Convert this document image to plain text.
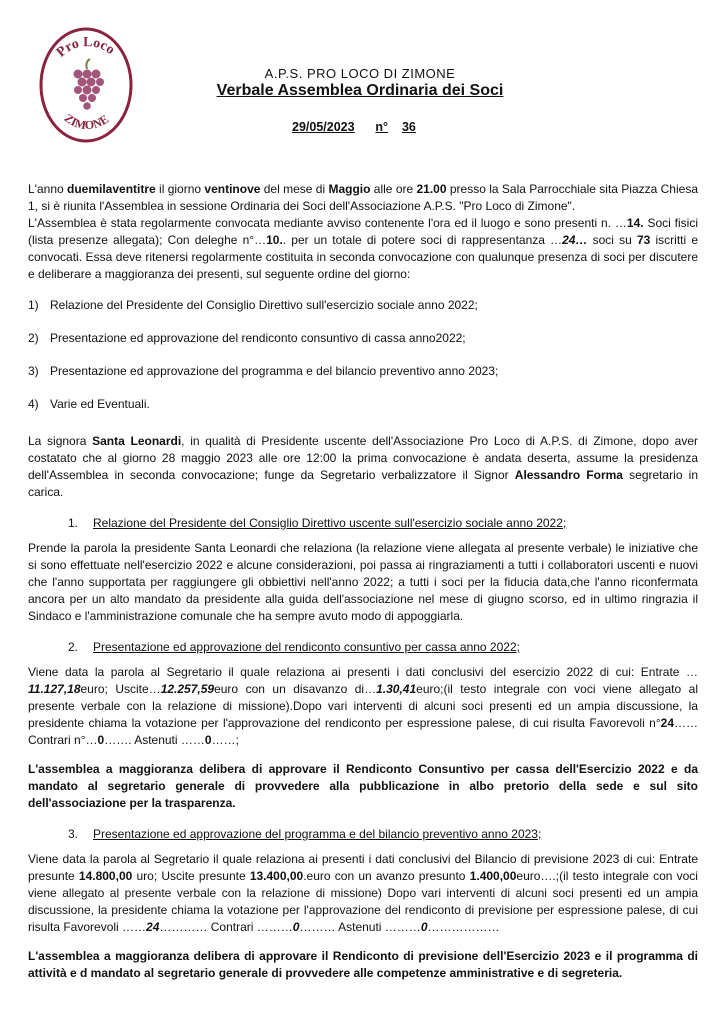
Pro Loco
ZIMONE
A.P.S. PRO LOCO DI ZIMONE
Verbale Assemblea Ordinaria dei Soci
29/05/2023 n° 36

L'anno duemilaventitre il giorno ventinove del mese di Maggio alle ore 21.00 presso la Sala Parrocchiale sita Piazza Chiesa 1, si è riunita l'Assemblea in sessione Ordinaria dei Soci dell'Associazione A.P.S. "Pro Loco di Zimone".
L'Assemblea è stata regolarmente convocata mediante avviso contenente l'ora ed il luogo e sono presenti n. …14. Soci fisici (lista presenze allegata); Con deleghe n°…10.. per un totale di potere soci di rappresentanza …24… soci su 73 iscritti e convocati. Essa deve ritenersi regolarmente costituita in seconda convocazione con qualunque presenza di soci per discutere e deliberare a maggioranza dei presenti, sul seguente ordine del giorno:

1) Relazione del Presidente del Consiglio Direttivo sull'esercizio sociale anno 2022;
2) Presentazione ed approvazione del rendiconto consuntivo di cassa anno2022;
3) Presentazione ed approvazione del programma e del bilancio preventivo anno 2023;
4) Varie ed Eventuali.

La signora Santa Leonardi, in qualità di Presidente uscente dell'Associazione Pro Loco di A.P.S. di Zimone, dopo aver costatato che al giorno 28 maggio 2023 alle ore 12:00 la prima convocazione è andata deserta, assume la presidenza dell'Assemblea in seconda convocazione; funge da Segretario verbalizzatore il Signor Alessandro Forma segretario in carica.

1. Relazione del Presidente del Consiglio Direttivo uscente sull'esercizio sociale anno 2022;

Prende la parola la presidente Santa Leonardi che relaziona (la relazione viene allegata al presente verbale) le iniziative che si sono effettuate nell'esercizio 2022 e alcune considerazioni, poi passa ai ringraziamenti a tutti i collaboratori uscenti e nuovi che l'anno supportata per raggiungere gli obbiettivi nell'anno 2022; a tutti i soci per la fiducia data,che l'anno riconfermata ancora per un alto mandato da presidente alla guida dell'associazione nel mese di giugno scorso, ed in ultimo ringrazia il Sindaco e l'amministrazione comunale che ha sempre avuto modo di appoggiarla.

2. Presentazione ed approvazione del rendiconto consuntivo per cassa anno 2022;

Viene data la parola al Segretario il quale relaziona ai presenti i dati conclusivi del esercizio 2022 di cui: Entrate …11.127,18euro; Uscite…12.257,59euro con un disavanzo di…1.30,41euro;(il testo integrale con voci viene allegato al presente verbale con la relazione di missione).Dopo vari interventi di alcuni soci presenti ed un ampia discussione, la presidente chiama la votazione per l'approvazione del rendiconto per espressione palese, di cui risulta Favorevoli n°24……Contrari n°…0……. Astenuti ……0……;

L'assemblea a maggioranza delibera di approvare il Rendiconto Consuntivo per cassa dell'Esercizio 2022 e da mandato al segretario generale di provvedere alla pubblicazione in albo pretorio della sede e sul sito dell'associazione per la trasparenza.

3. Presentazione ed approvazione del programma e del bilancio preventivo anno 2023;

Viene data la parola al Segretario il quale relaziona ai presenti i dati conclusivi del Bilancio di previsione 2023 di cui: Entrate presunte 14.800,00 uro; Uscite presunte 13.400,00.euro con un avanzo presunto 1.400,00euro….;(il testo integrale con voci viene allegato al presente verbale con la relazione di missione) Dopo vari interventi di alcuni soci presenti ed un ampia discussione, la presidente chiama la votazione per l'approvazione del rendiconto di previsione per espressione palese, di cui risulta Favorevoli ……24………… Contrari ………0……… Astenuti ………0………………

L'assemblea a maggioranza delibera di approvare il Rendiconto di previsione dell'Esercizio 2023 e il programma di attività e d mandato al segretario generale di provvedere alle competenze amministrative e di segreteria.
